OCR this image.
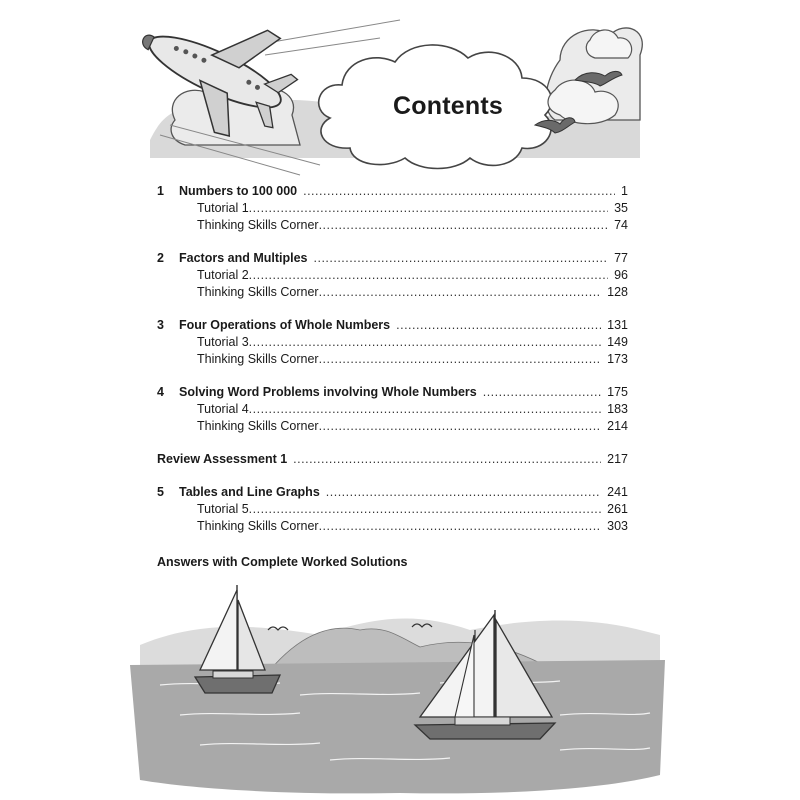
Contents
1	Numbers to 100 000 .....	1
Tutorial 1 .....	35
Thinking Skills Corner .....	74
2	Factors and Multiples .....	77
Tutorial 2 .....	96
Thinking Skills Corner .....	128
3	Four Operations of Whole Numbers .....	131
Tutorial 3 .....	149
Thinking Skills Corner .....	173
4	Solving Word Problems involving Whole Numbers .....	175
Tutorial 4 .....	183
Thinking Skills Corner .....	214
Review Assessment 1 .....	217
5	Tables and Line Graphs .....	241
Tutorial 5 .....	261
Thinking Skills Corner .....	303
Answers with Complete Worked Solutions
